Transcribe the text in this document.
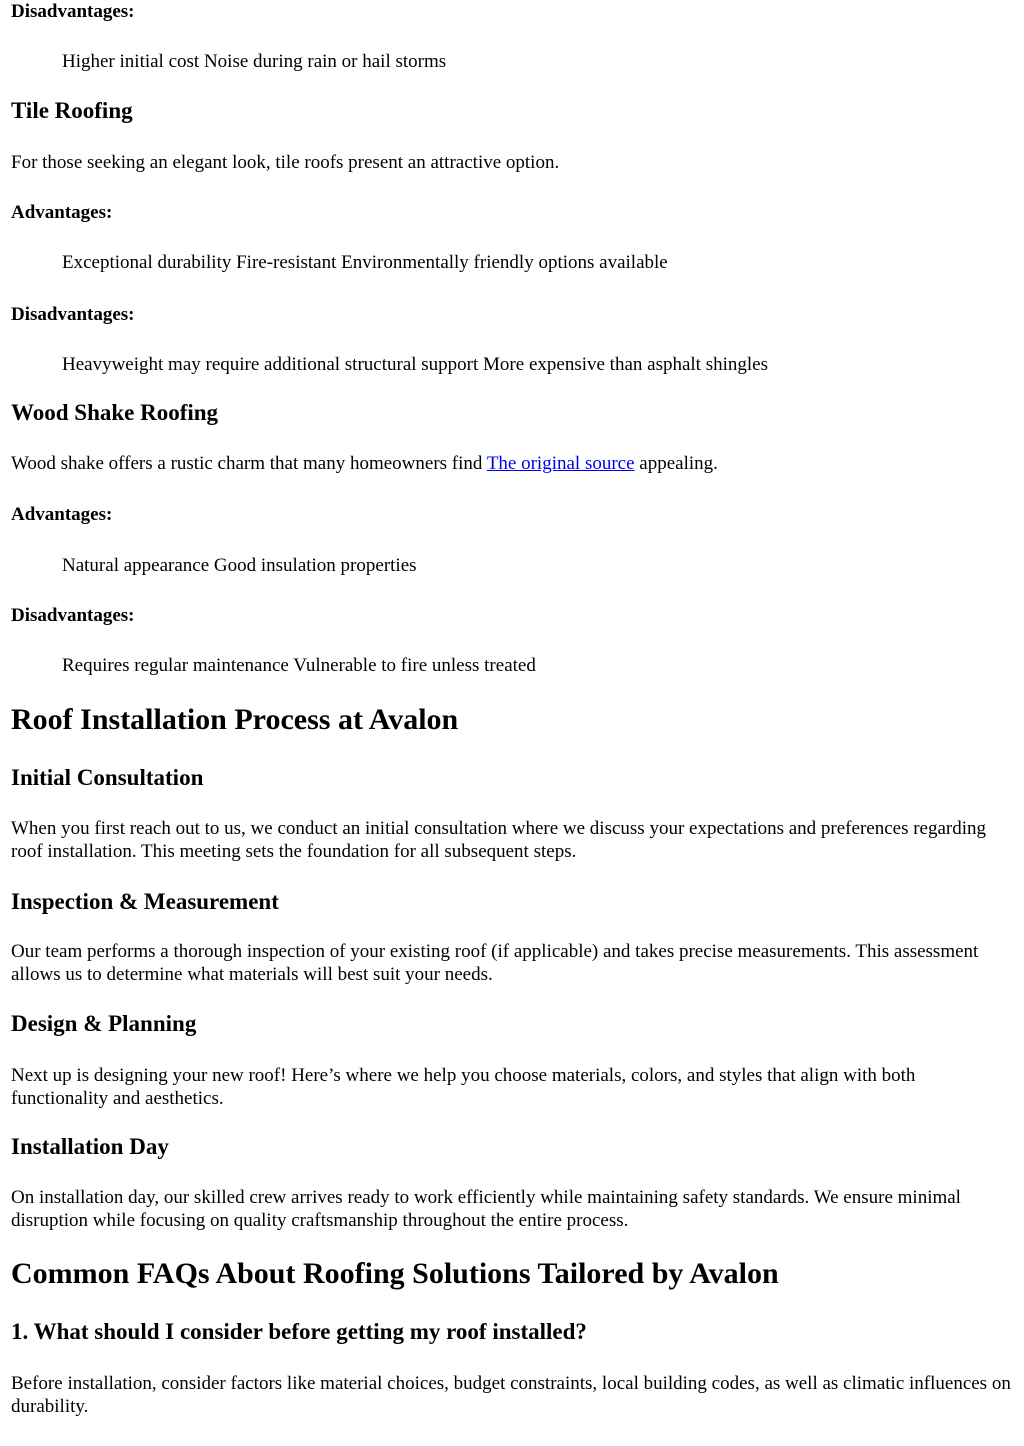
Disadvantages:

Higher initial cost Noise during rain or hail storms

Tile Roofing

For those seeking an elegant look, tile roofs present an attractive option.

Advantages:

Exceptional durability Fire-resistant Environmentally friendly options available

Disadvantages:

Heavyweight may require additional structural support More expensive than asphalt shingles

Wood Shake Roofing

Wood shake offers a rustic charm that many homeowners find The original source appealing.

Advantages:

Natural appearance Good insulation properties

Disadvantages:

Requires regular maintenance Vulnerable to fire unless treated

Roof Installation Process at Avalon
Initial Consultation

When you first reach out to us, we conduct an initial consultation where we discuss your expectations and preferences regarding roof installation. This meeting sets the foundation for all subsequent steps.

Inspection & Measurement

Our team performs a thorough inspection of your existing roof (if applicable) and takes precise measurements. This assessment allows us to determine what materials will best suit your needs.

Design & Planning

Next up is designing your new roof! Here’s where we help you choose materials, colors, and styles that align with both functionality and aesthetics.

Installation Day

On installation day, our skilled crew arrives ready to work efficiently while maintaining safety standards. We ensure minimal disruption while focusing on quality craftsmanship throughout the entire process.

Common FAQs About Roofing Solutions Tailored by Avalon
1. What should I consider before getting my roof installed?

Before installation, consider factors like material choices, budget constraints, local building codes, as well as climatic influences on durability.
